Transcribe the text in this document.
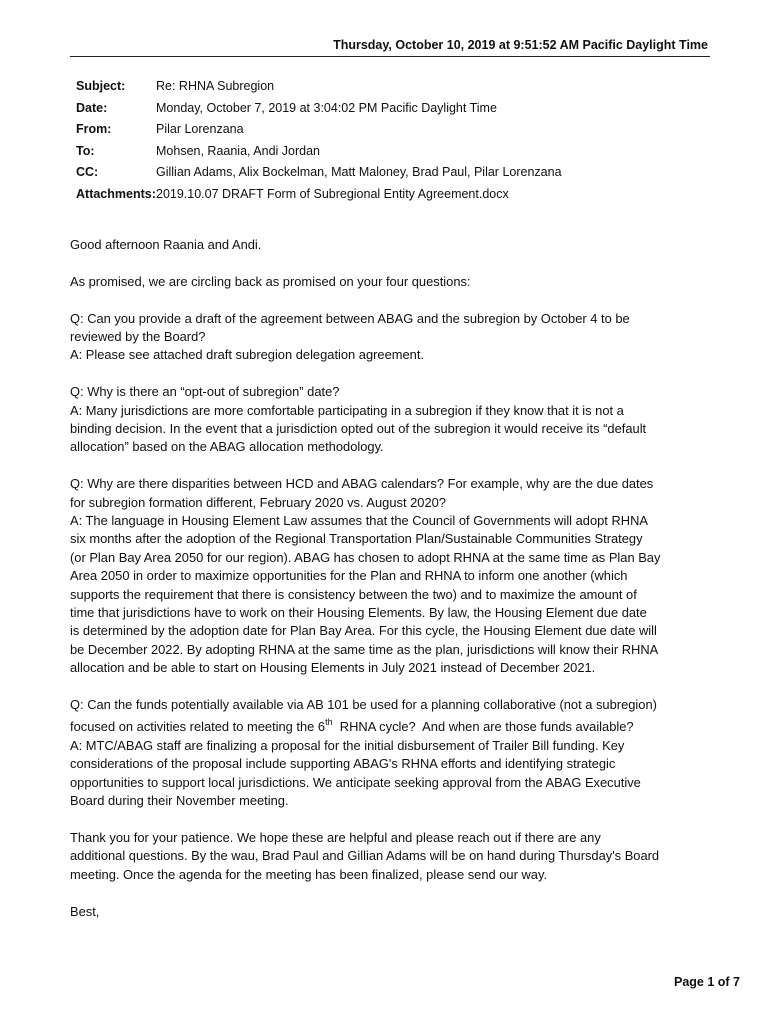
Thursday, October 10, 2019 at 9:51:52 AM Pacific Daylight Time
Subject:	Re: RHNA Subregion
Date:	Monday, October 7, 2019 at 3:04:02 PM Pacific Daylight Time
From:	Pilar Lorenzana
To:	Mohsen, Raania, Andi Jordan
CC:	Gillian Adams, Alix Bockelman, Matt Maloney, Brad Paul, Pilar Lorenzana
Attachments: 2019.10.07 DRAFT Form of Subregional Entity Agreement.docx

Good afternoon Raania and Andi.

As promised, we are circling back as promised on your four questions:

Q: Can you provide a draft of the agreement between ABAG and the subregion by October 4 to be
reviewed by the Board?
A: Please see attached draft subregion delegation agreement.

Q: Why is there an “opt-out of subregion” date?
A: Many jurisdictions are more comfortable participating in a subregion if they know that it is not a
binding decision. In the event that a jurisdiction opted out of the subregion it would receive its “default
allocation” based on the ABAG allocation methodology.

Q: Why are there disparities between HCD and ABAG calendars? For example, why are the due dates
for subregion formation different, February 2020 vs. August 2020?
A: The language in Housing Element Law assumes that the Council of Governments will adopt RHNA
six months after the adoption of the Regional Transportation Plan/Sustainable Communities Strategy
(or Plan Bay Area 2050 for our region). ABAG has chosen to adopt RHNA at the same time as Plan Bay
Area 2050 in order to maximize opportunities for the Plan and RHNA to inform one another (which
supports the requirement that there is consistency between the two) and to maximize the amount of
time that jurisdictions have to work on their Housing Elements. By law, the Housing Element due date
is determined by the adoption date for Plan Bay Area. For this cycle, the Housing Element due date will
be December 2022. By adopting RHNA at the same time as the plan, jurisdictions will know their RHNA
allocation and be able to start on Housing Elements in July 2021 instead of December 2021.

Q: Can the funds potentially available via AB 101 be used for a planning collaborative (not a subregion)
focused on activities related to meeting the 6th  RHNA cycle?  And when are those funds available?
A: MTC/ABAG staff are finalizing a proposal for the initial disbursement of Trailer Bill funding. Key
considerations of the proposal include supporting ABAG's RHNA efforts and identifying strategic
opportunities to support local jurisdictions. We anticipate seeking approval from the ABAG Executive
Board during their November meeting.

Thank you for your patience. We hope these are helpful and please reach out if there are any
additional questions. By the wau, Brad Paul and Gillian Adams will be on hand during Thursday's Board
meeting. Once the agenda for the meeting has been finalized, please send our way.

Best,

Page 1 of 7
